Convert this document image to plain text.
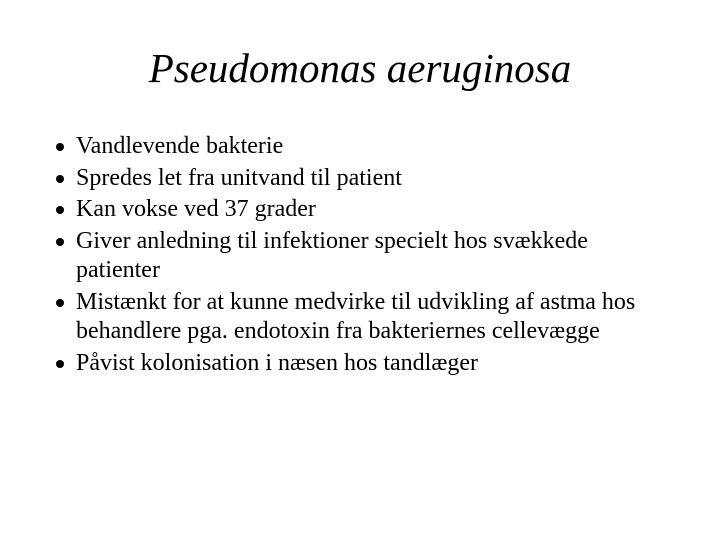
Pseudomonas aeruginosa
Vandlevende bakterie
Spredes let fra unitvand til patient
Kan vokse ved 37 grader
Giver anledning til infektioner specielt hos svækkede patienter
Mistænkt for at kunne medvirke til udvikling af astma hos behandlere pga. endotoxin fra bakteriernes cellevægge
Påvist kolonisation i næsen hos tandlæger
